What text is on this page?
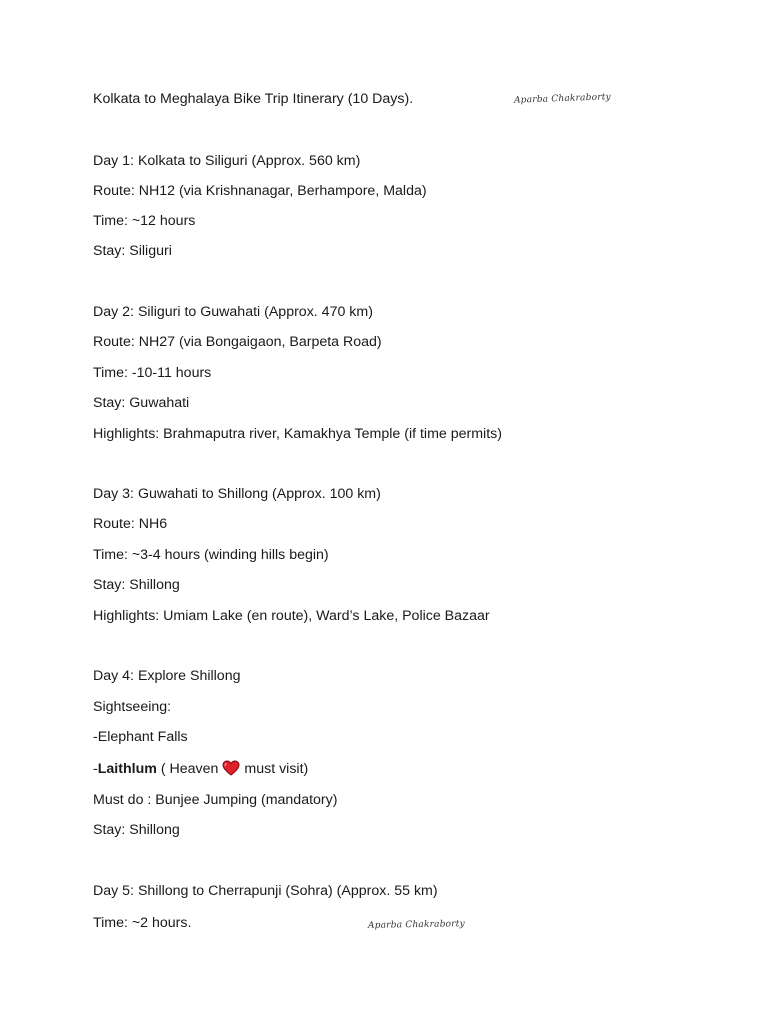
Kolkata to Meghalaya Bike Trip Itinerary (10 Days).	Aparba Chakraborty
Day 1: Kolkata to Siliguri (Approx. 560 km)
Route: NH12 (via Krishnanagar, Berhampore, Malda)
Time: ~12 hours
Stay: Siliguri
Day 2: Siliguri to Guwahati (Approx. 470 km)
Route: NH27 (via Bongaigaon, Barpeta Road)
Time: -10-11 hours
Stay: Guwahati
Highlights: Brahmaputra river, Kamakhya Temple (if time permits)
Day 3: Guwahati to Shillong (Approx. 100 km)
Route: NH6
Time: ~3-4 hours (winding hills begin)
Stay: Shillong
Highlights: Umiam Lake (en route), Ward’s Lake, Police Bazaar
Day 4: Explore Shillong
Sightseeing:
-Elephant Falls
-Laithlum ( Heaven must visit)
Must do : Bunjee Jumping (mandatory)
Stay: Shillong
Day 5: Shillong to Cherrapunji (Sohra) (Approx. 55 km)
Time: ~2 hours.	Aparba Chakraborty
